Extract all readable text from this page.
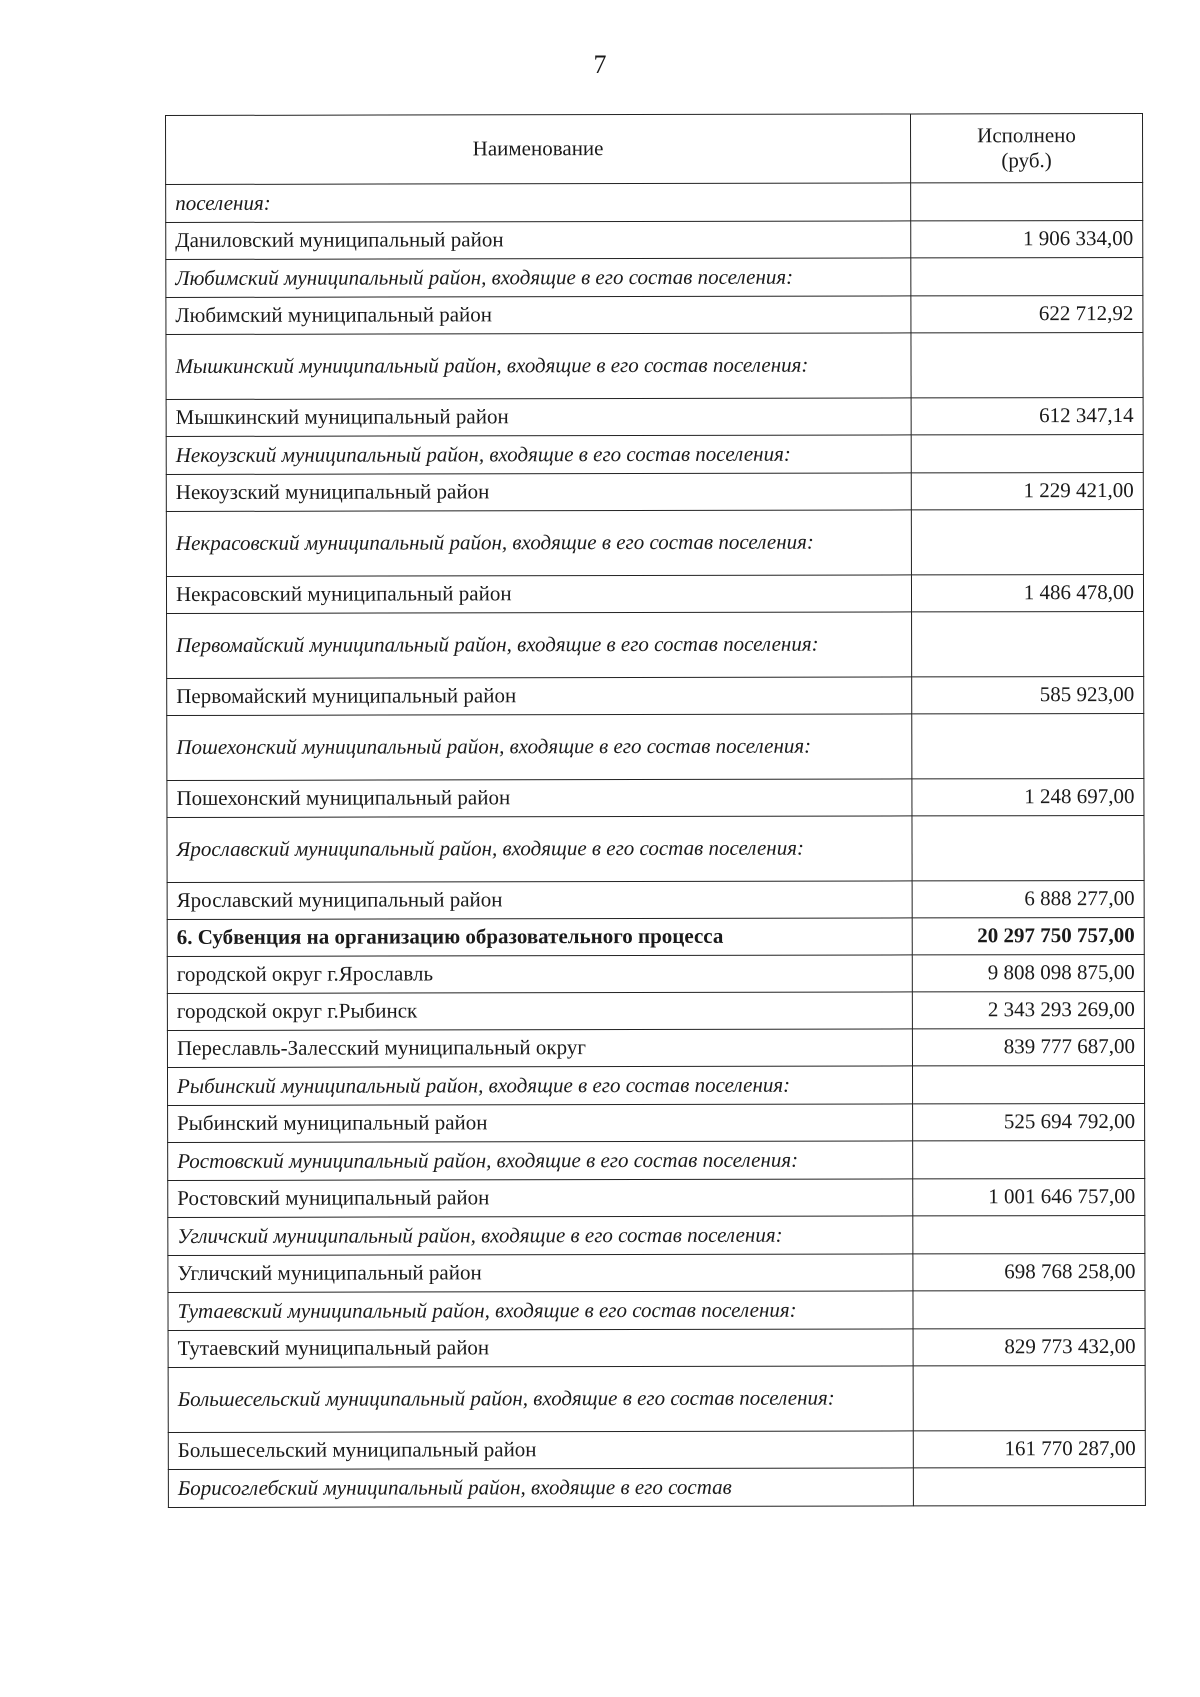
7
Наименование	Исполнено
(руб.)
поселения:	
Даниловский муниципальный район	1 906 334,00
Любимский муниципальный район, входящие в его состав поселения:	
Любимский муниципальный район	622 712,92
Мышкинский муниципальный район, входящие в его состав поселения:	
Мышкинский муниципальный район	612 347,14
Некоузский муниципальный район, входящие в его состав поселения:	
Некоузский муниципальный район	1 229 421,00
Некрасовский муниципальный район, входящие в его состав поселения:	
Некрасовский муниципальный район	1 486 478,00
Первомайский муниципальный район, входящие в его состав поселения:	
Первомайский муниципальный район	585 923,00
Пошехонский муниципальный район, входящие в его состав поселения:	
Пошехонский муниципальный район	1 248 697,00
Ярославский муниципальный район, входящие в его состав поселения:	
Ярославский муниципальный район	6 888 277,00
6. Субвенция на организацию образовательного процесса	20 297 750 757,00
городской округ г.Ярославль	9 808 098 875,00
городской округ г.Рыбинск	2 343 293 269,00
Переславль-Залесский муниципальный округ	839 777 687,00
Рыбинский муниципальный район, входящие в его состав поселения:	
Рыбинский муниципальный район	525 694 792,00
Ростовский муниципальный район, входящие в его состав поселения:	
Ростовский муниципальный район	1 001 646 757,00
Угличский муниципальный район, входящие в его состав поселения:	
Угличский муниципальный район	698 768 258,00
Тутаевский муниципальный район, входящие в его состав поселения:	
Тутаевский муниципальный район	829 773 432,00
Большесельский муниципальный район, входящие в его состав поселения:	
Большесельский муниципальный район	161 770 287,00
Борисоглебский муниципальный район, входящие в его состав	
